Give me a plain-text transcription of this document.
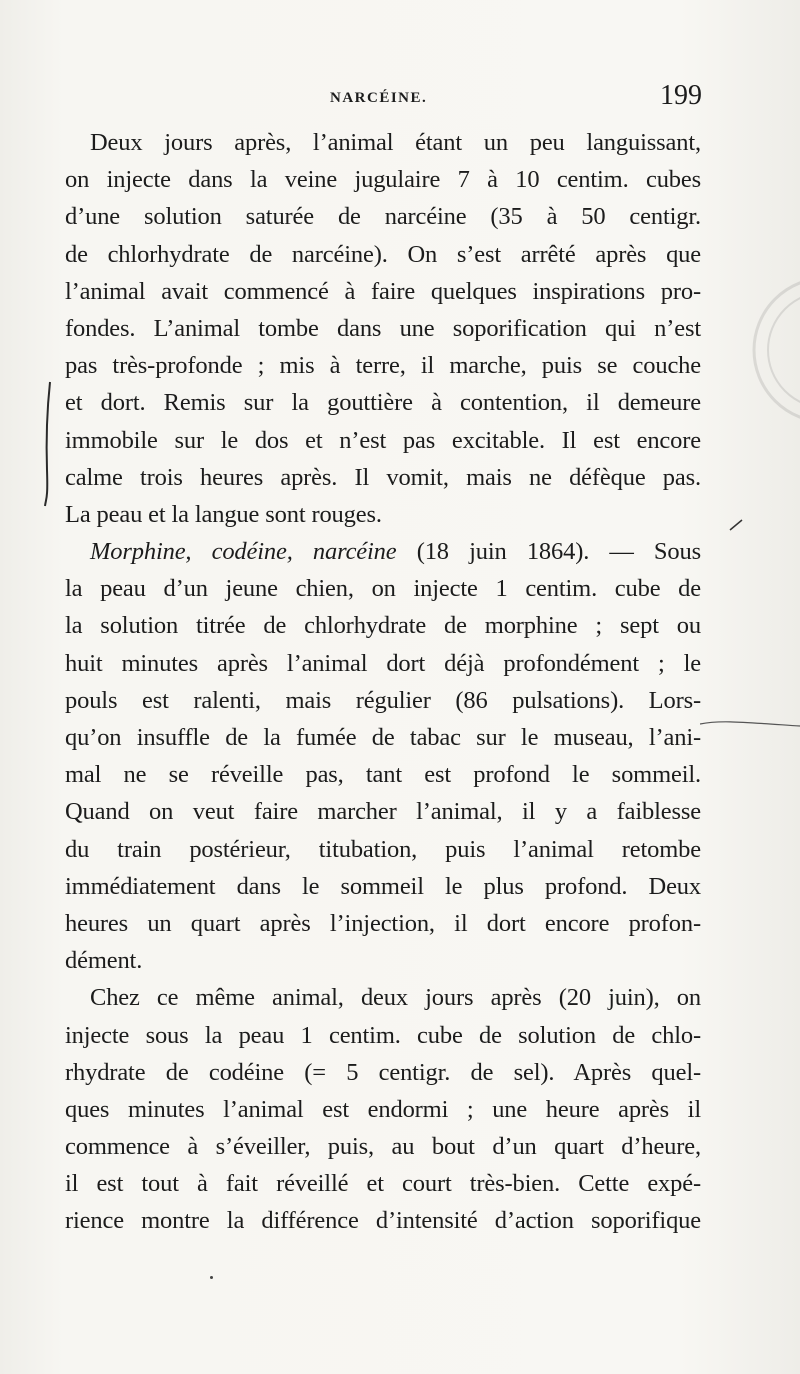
NARCÉINE.	199
Deux jours après, l’animal étant un peu languissant,
on injecte dans la veine jugulaire 7 à 10 centim. cubes
d’une solution saturée de narcéine (35 à 50 centigr.
de chlorhydrate de narcéine). On s’est arrêté après que
l’animal avait commencé à faire quelques inspirations pro-
fondes. L’animal tombe dans une soporification qui n’est
pas très-profonde ; mis à terre, il marche, puis se couche
et dort. Remis sur la gouttière à contention, il demeure
immobile sur le dos et n’est pas excitable. Il est encore
calme trois heures après. Il vomit, mais ne défèque pas.
La peau et la langue sont rouges.
Morphine, codéine, narcéine (18 juin 1864). — Sous
la peau d’un jeune chien, on injecte 1 centim. cube de
la solution titrée de chlorhydrate de morphine ; sept ou
huit minutes après l’animal dort déjà profondément ; le
pouls est ralenti, mais régulier (86 pulsations). Lors-
qu’on insuffle de la fumée de tabac sur le museau, l’ani-
mal ne se réveille pas, tant est profond le sommeil.
Quand on veut faire marcher l’animal, il y a faiblesse
du train postérieur, titubation, puis l’animal retombe
immédiatement dans le sommeil le plus profond. Deux
heures un quart après l’injection, il dort encore profon-
dément.
Chez ce même animal, deux jours après (20 juin), on
injecte sous la peau 1 centim. cube de solution de chlo-
rhydrate de codéine (= 5 centigr. de sel). Après quel-
ques minutes l’animal est endormi ; une heure après il
commence à s’éveiller, puis, au bout d’un quart d’heure,
il est tout à fait réveillé et court très-bien. Cette expé-
rience montre la différence d’intensité d’action soporifique
